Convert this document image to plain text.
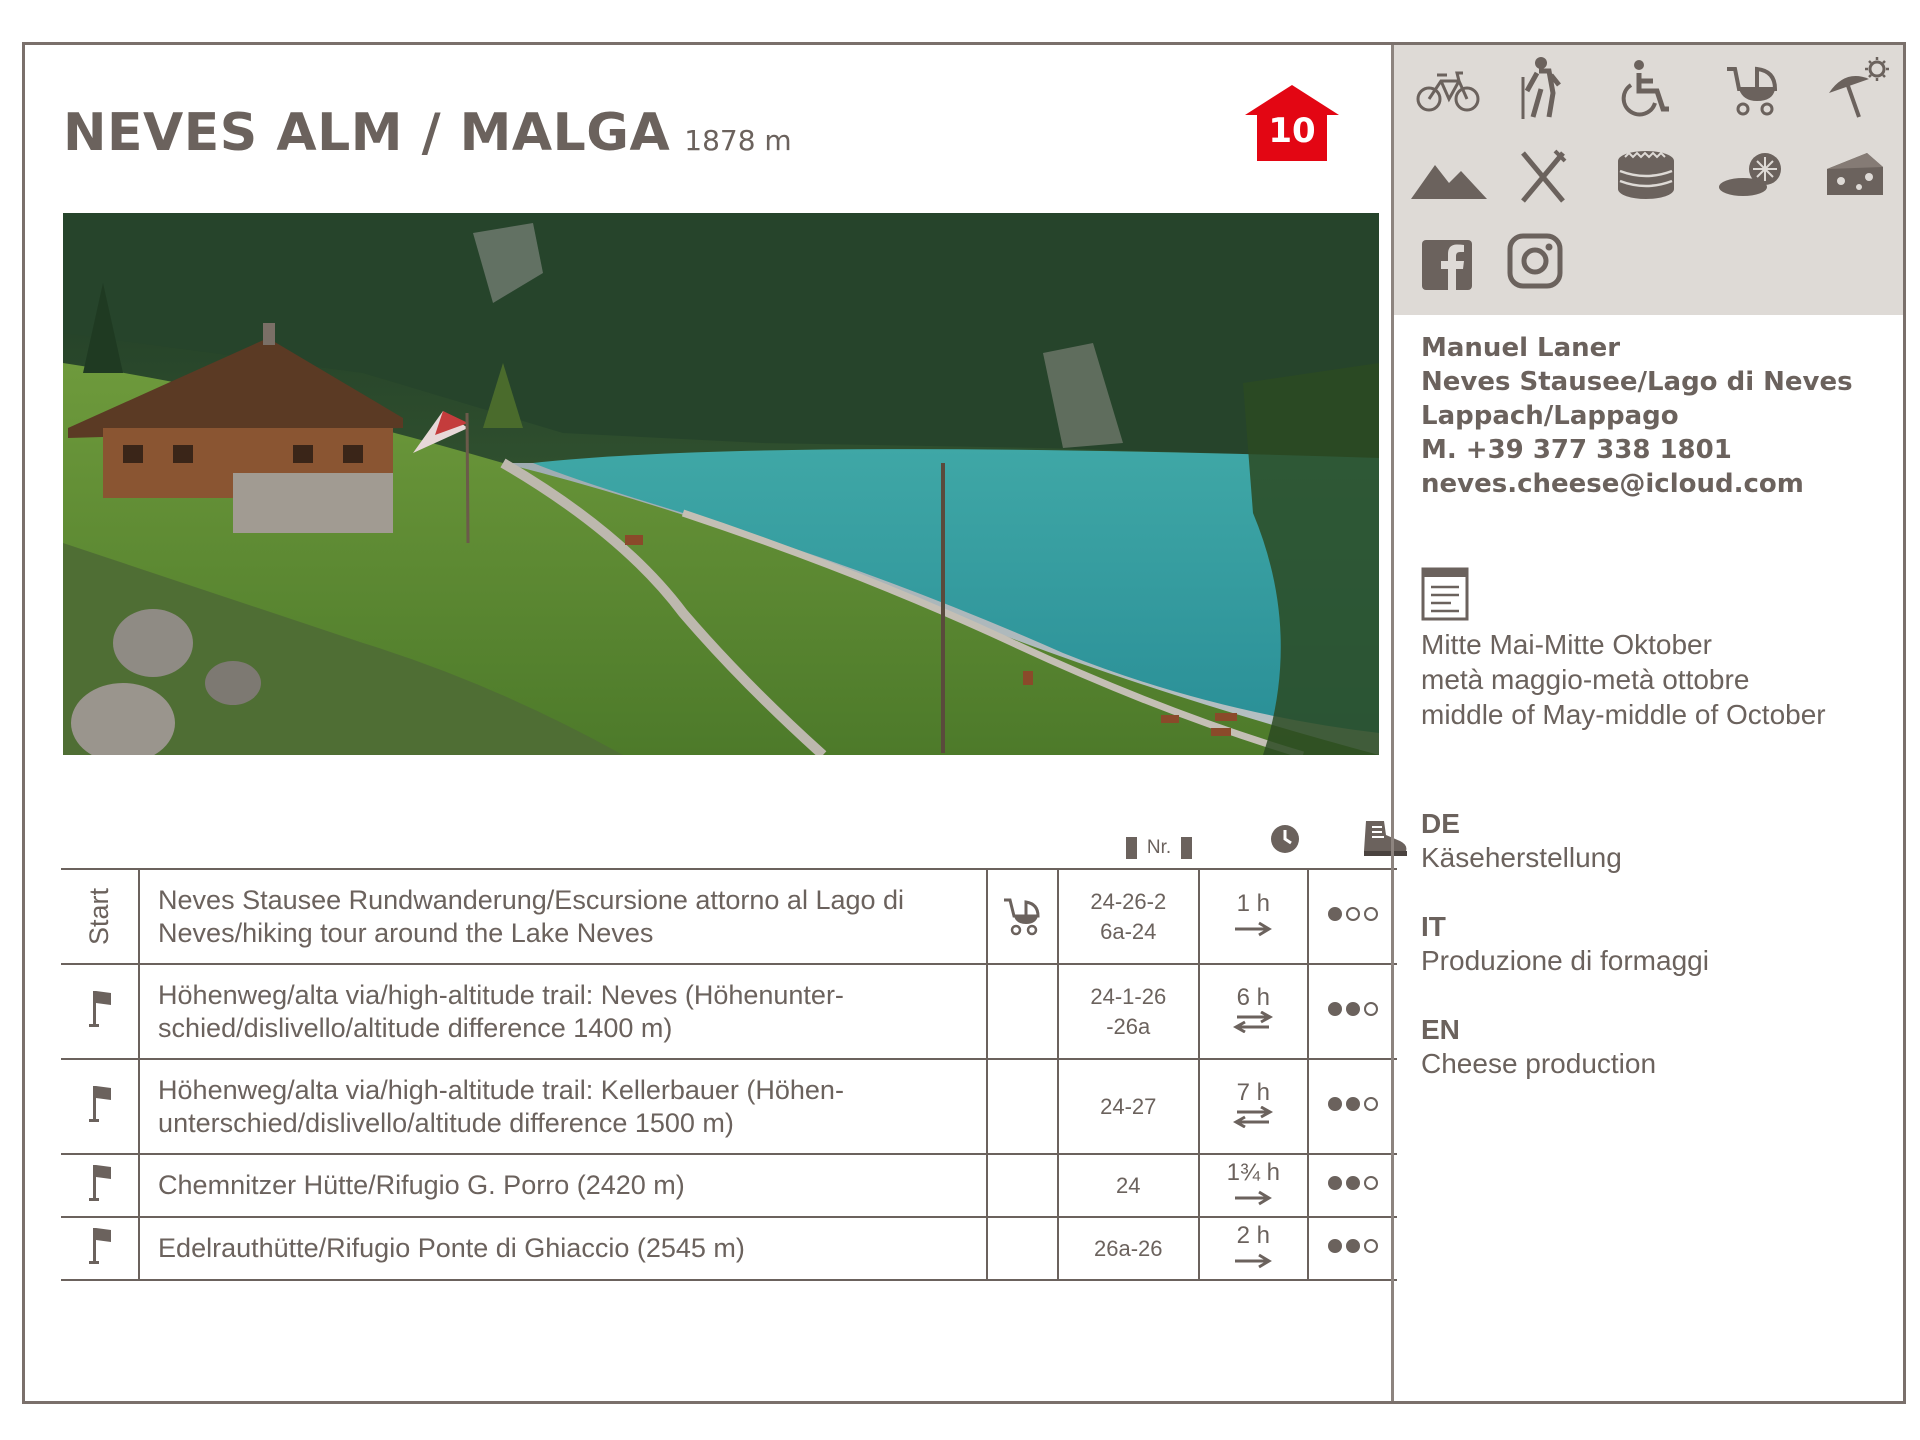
NEVES ALM / MALGA 1878 m	10
Nr.
Start	Neves Stausee Rundwanderung/Escursione attorno al Lago di Neves/hiking tour around the Lake Neves		24-26-26a-24	1 h	

	Höhenweg/alta via/high-altitude trail: Neves (Höhenunter-schied/dislivello/altitude difference 1400 m)		24-1-26-26a	6 h	

	Höhenweg/alta via/high-altitude trail: Kellerbauer (Höhen-unterschied/dislivello/altitude difference 1500 m)		24-27	7 h	

	Chemnitzer Hütte/Rifugio G. Porro (2420 m)		24	1¾ h	

	Edelrauthütte/Rifugio Ponte di Ghiaccio (2545 m)		26a-26	2 h	

Manuel Laner
Neves Stausee/Lago di Neves
Lappach/Lappago
M. +39 377 338 1801
neves.cheese@icloud.com
Mitte Mai-Mitte Oktober
metà maggio-metà ottobre
middle of May-middle of October
DE
Käseherstellung
IT
Produzione di formaggi
EN
Cheese production
